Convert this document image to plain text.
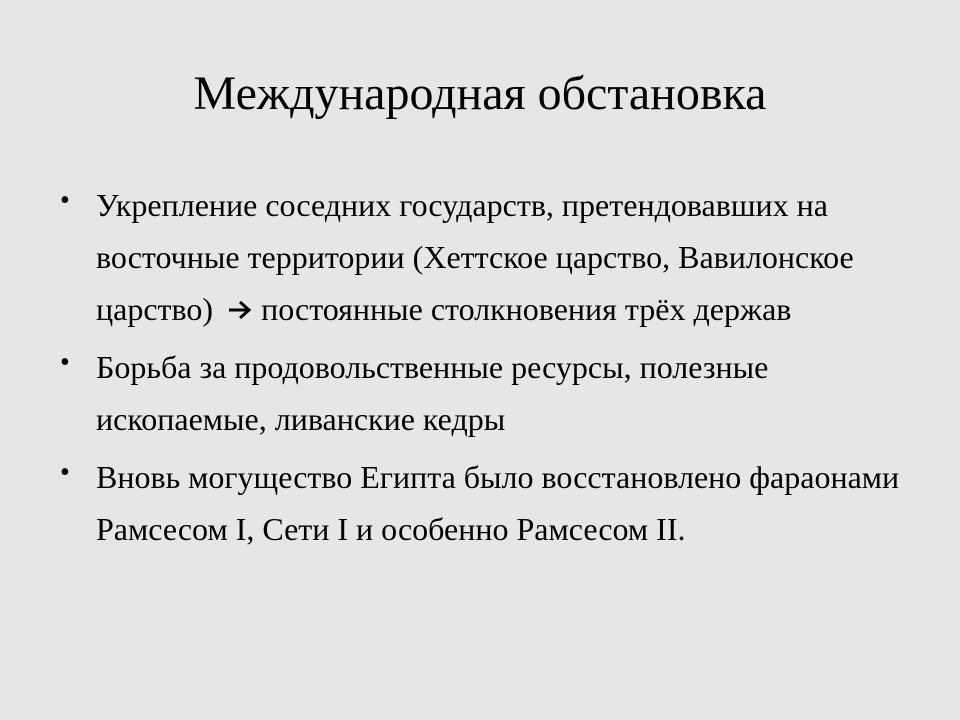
Международная обстановка
• Укрепление соседних государств, претендовавших на восточные территории (Хеттское царство, Вавилонское царство) постоянные столкновения трёх держав
• Борьба за продовольственные ресурсы, полезные ископаемые, ливанские кедры
• Вновь могущество Египта было восстановлено фараонами Рамсесом I, Сети I и особенно Рамсесом II.
